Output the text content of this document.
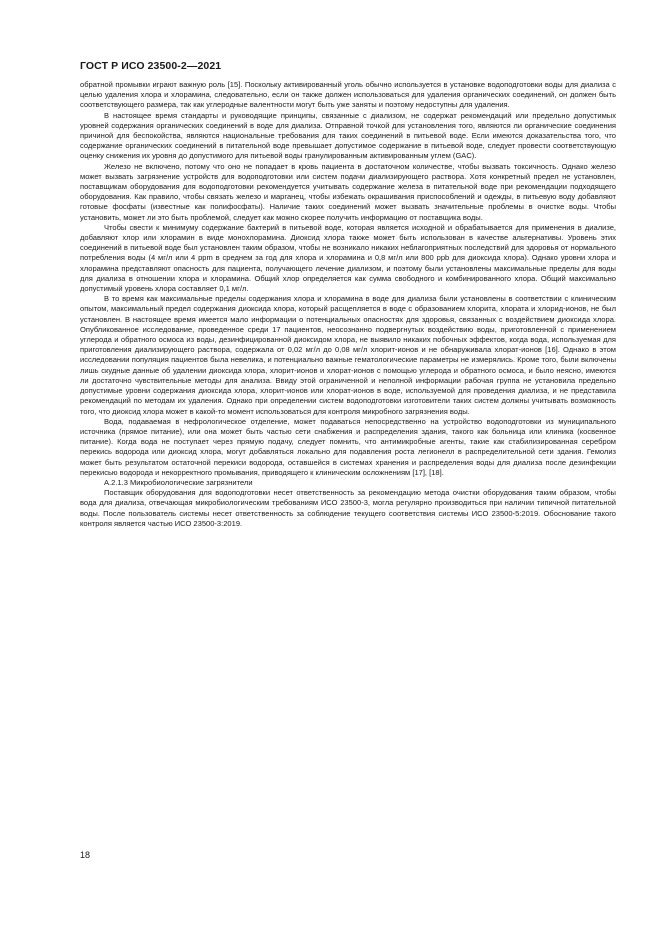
ГОСТ Р ИСО 23500-2—2021

обратной промывки играют важную роль [15]. Поскольку активированный уголь обычно используется в установке водоподготовки воды для диализа с целью удаления хлора и хлорамина, следовательно, если он также должен использоваться для удаления органических соединений, он должен быть соответствующего размера, так как углеродные валентности могут быть уже заняты и поэтому недоступны для удаления.

В настоящее время стандарты и руководящие принципы, связанные с диализом, не содержат рекомендаций или предельно допустимых уровней содержания органических соединений в воде для диализа. Отправной точкой для установления того, являются ли органические соединения причиной для беспокойства, являются национальные требования для таких соединений в питьевой воде. Если имеются доказательства того, что содержание органических соединений в питательной воде превышает допустимое содержание в питьевой воде, следует провести соответствующую оценку снижения их уровня до допустимого для питьевой воды гранулированным активированным углем (GAC).

Железо не включено, потому что оно не попадает в кровь пациента в достаточном количестве, чтобы вызвать токсичность. Однако железо может вызвать загрязнение устройств для водоподготовки или систем подачи диализирующего раствора. Хотя конкретный предел не установлен, поставщикам оборудования для водоподготовки рекомендуется учитывать содержание железа в питательной воде при рекомендации подходящего оборудования. Как правило, чтобы связать железо и марганец, чтобы избежать окрашивания приспособлений и одежды, в питьевую воду добавляют готовые фосфаты (известные как полифосфаты). Наличие таких соединений может вызвать значительные проблемы в очистке воды. Чтобы установить, может ли это быть проблемой, следует как можно скорее получить информацию от поставщика воды.

Чтобы свести к минимуму содержание бактерий в питьевой воде, которая является исходной и обрабатывается для применения в диализе, добавляют хлор или хлорамин в виде монохлорамина. Диоксид хлора также может быть использован в качестве альтернативы. Уровень этих соединений в питьевой воде был установлен таким образом, чтобы не возникало никаких неблагоприятных последствий для здоровья от нормального потребления воды (4 мг/л или 4 ppm в среднем за год для хлора и хлорамина и 0,8 мг/л или 800 ppb для диоксида хлора). Однако уровни хлора и хлорамина представляют опасность для пациента, получающего лечение диализом, и поэтому были установлены максимальные пределы для воды для диализа в отношении хлора и хлорамина. Общий хлор определяется как сумма свободного и комбинированного хлора. Общий максимально допустимый уровень хлора составляет 0,1 мг/л.

В то время как максимальные пределы содержания хлора и хлорамина в воде для диализа были установлены в соответствии с клиническим опытом, максимальный предел содержания диоксида хлора, который расщепляется в воде с образованием хлорита, хлората и хлорид-ионов, не был установлен. В настоящее время имеется мало информации о потенциальных опасностях для здоровья, связанных с воздействием диоксида хлора. Опубликованное исследование, проведенное среди 17 пациентов, неосознанно подвергнутых воздействию воды, приготовленной с применением углерода и обратного осмоса из воды, дезинфицированной диоксидом хлора, не выявило никаких побочных эффектов, когда вода, используемая для приготовления диализирующего раствора, содержала от 0,02 мг/л до 0,08 мг/л хлорит-ионов и не обнаруживала хлорат-ионов [16]. Однако в этом исследовании популяция пациентов была невелика, и потенциально важные гематологические параметры не измерялись. Кроме того, были включены лишь скудные данные об удалении диоксида хлора, хлорит-ионов и хлорат-ионов с помощью углерода и обратного осмоса, и было неясно, имеются ли достаточно чувствительные методы для анализа. Ввиду этой ограниченной и неполной информации рабочая группа не установила предельно допустимые уровни содержания диоксида хлора, хлорит-ионов или хлорат-ионов в воде, используемой для проведения диализа, и не представила рекомендаций по методам их удаления. Однако при определении систем водоподготовки изготовители таких систем должны учитывать возможность того, что диоксид хлора может в какой-то момент использоваться для контроля микробного загрязнения воды.

Вода, подаваемая в нефрологическое отделение, может подаваться непосредственно на устройство водоподготовки из муниципального источника (прямое питание), или она может быть частью сети снабжения и распределения здания, такого как больница или клиника (косвенное питание). Когда вода не поступает через прямую подачу, следует помнить, что антимикробные агенты, такие как стабилизированная серебром перекись водорода или диоксид хлора, могут добавляться локально для подавления роста легионелл в распределительной сети здания. Гемолиз может быть результатом остаточной перекиси водорода, оставшейся в системах хранения и распределения воды для диализа после дезинфекции перекисью водорода и некорректного промывания, приводящего к клиническим осложнениям [17], [18].

А.2.1.3 Микробиологические загрязнители

Поставщик оборудования для водоподготовки несет ответственность за рекомендацию метода очистки оборудования таким образом, чтобы вода для диализа, отвечающая микробиологическим требованиям ИСО 23500-3, могла регулярно производиться при наличии типичной питательной воды. После пользователь системы несет ответственность за соблюдение текущего соответствия системы ИСО 23500-5:2019. Обоснование такого контроля является частью ИСО 23500-3:2019.

18
